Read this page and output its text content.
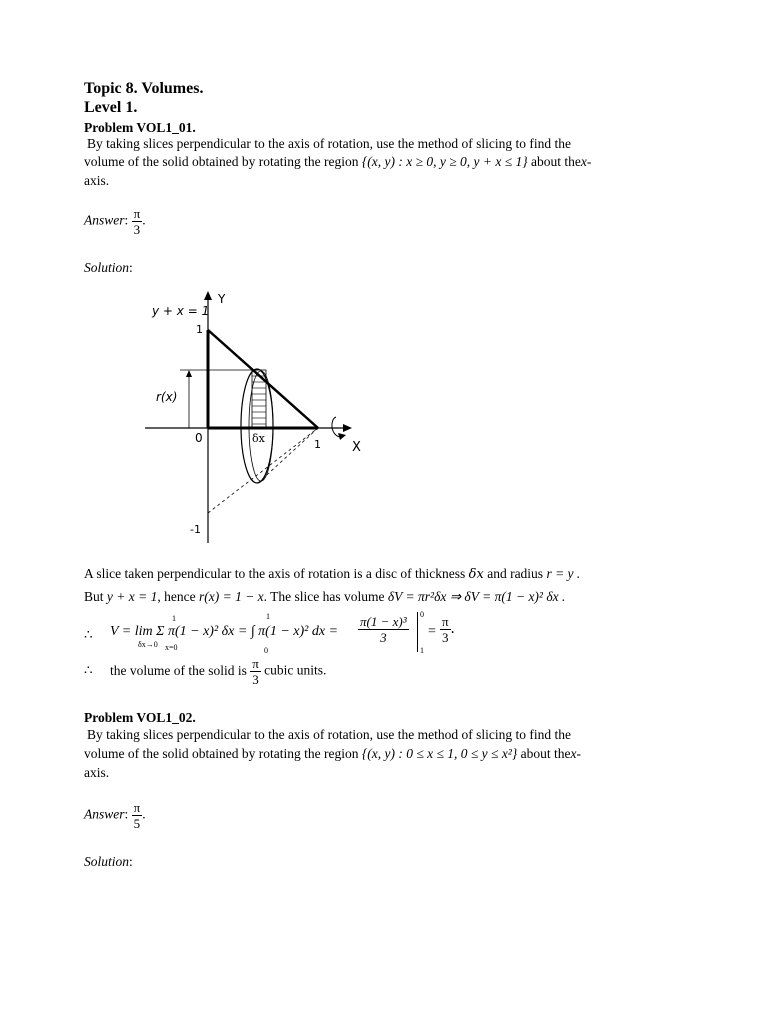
Topic 8. Volumes.
Level 1.
Problem VOL1_01.
By taking slices perpendicular to the axis of rotation, use the method of slicing to find the
volume of the solid obtained by rotating the region {(x, y) : x ≥ 0, y ≥ 0, y + x ≤ 1} about thex-
axis.
Answer: $\frac{\pi}{3}$ .
Solution:
y + x = 1
Y
1
r(x)
0	δx	1 X
-1
A slice taken perpendicular to the axis of rotation is a disc of thickness δx and radius r = y .
But y + x = 1, hence r(x) = 1 − x. The slice has volume δV = πr²δx ⇒ δV = π(1 − x)² δx .
∴ V = lim Σ π(1 − x)² δx = ∫ π(1 − x)² dx =
δx→0
1
x=0
1
0
$\frac{\text{π(1 − x)³}}{3} 0$
1
= $\frac{\pi}{3}$ .
∴ the volume of the solid is $\frac{\pi}{3}$ cubic units.
Problem VOL1_02.
By taking slices perpendicular to the axis of rotation, use the method of slicing to find the
volume of the solid obtained by rotating the region {(x, y) : 0 ≤ x ≤ 1, 0 ≤ y ≤ x²} about thex-
axis.
Answer: $\frac{\pi}{5}$ .
Solution:
